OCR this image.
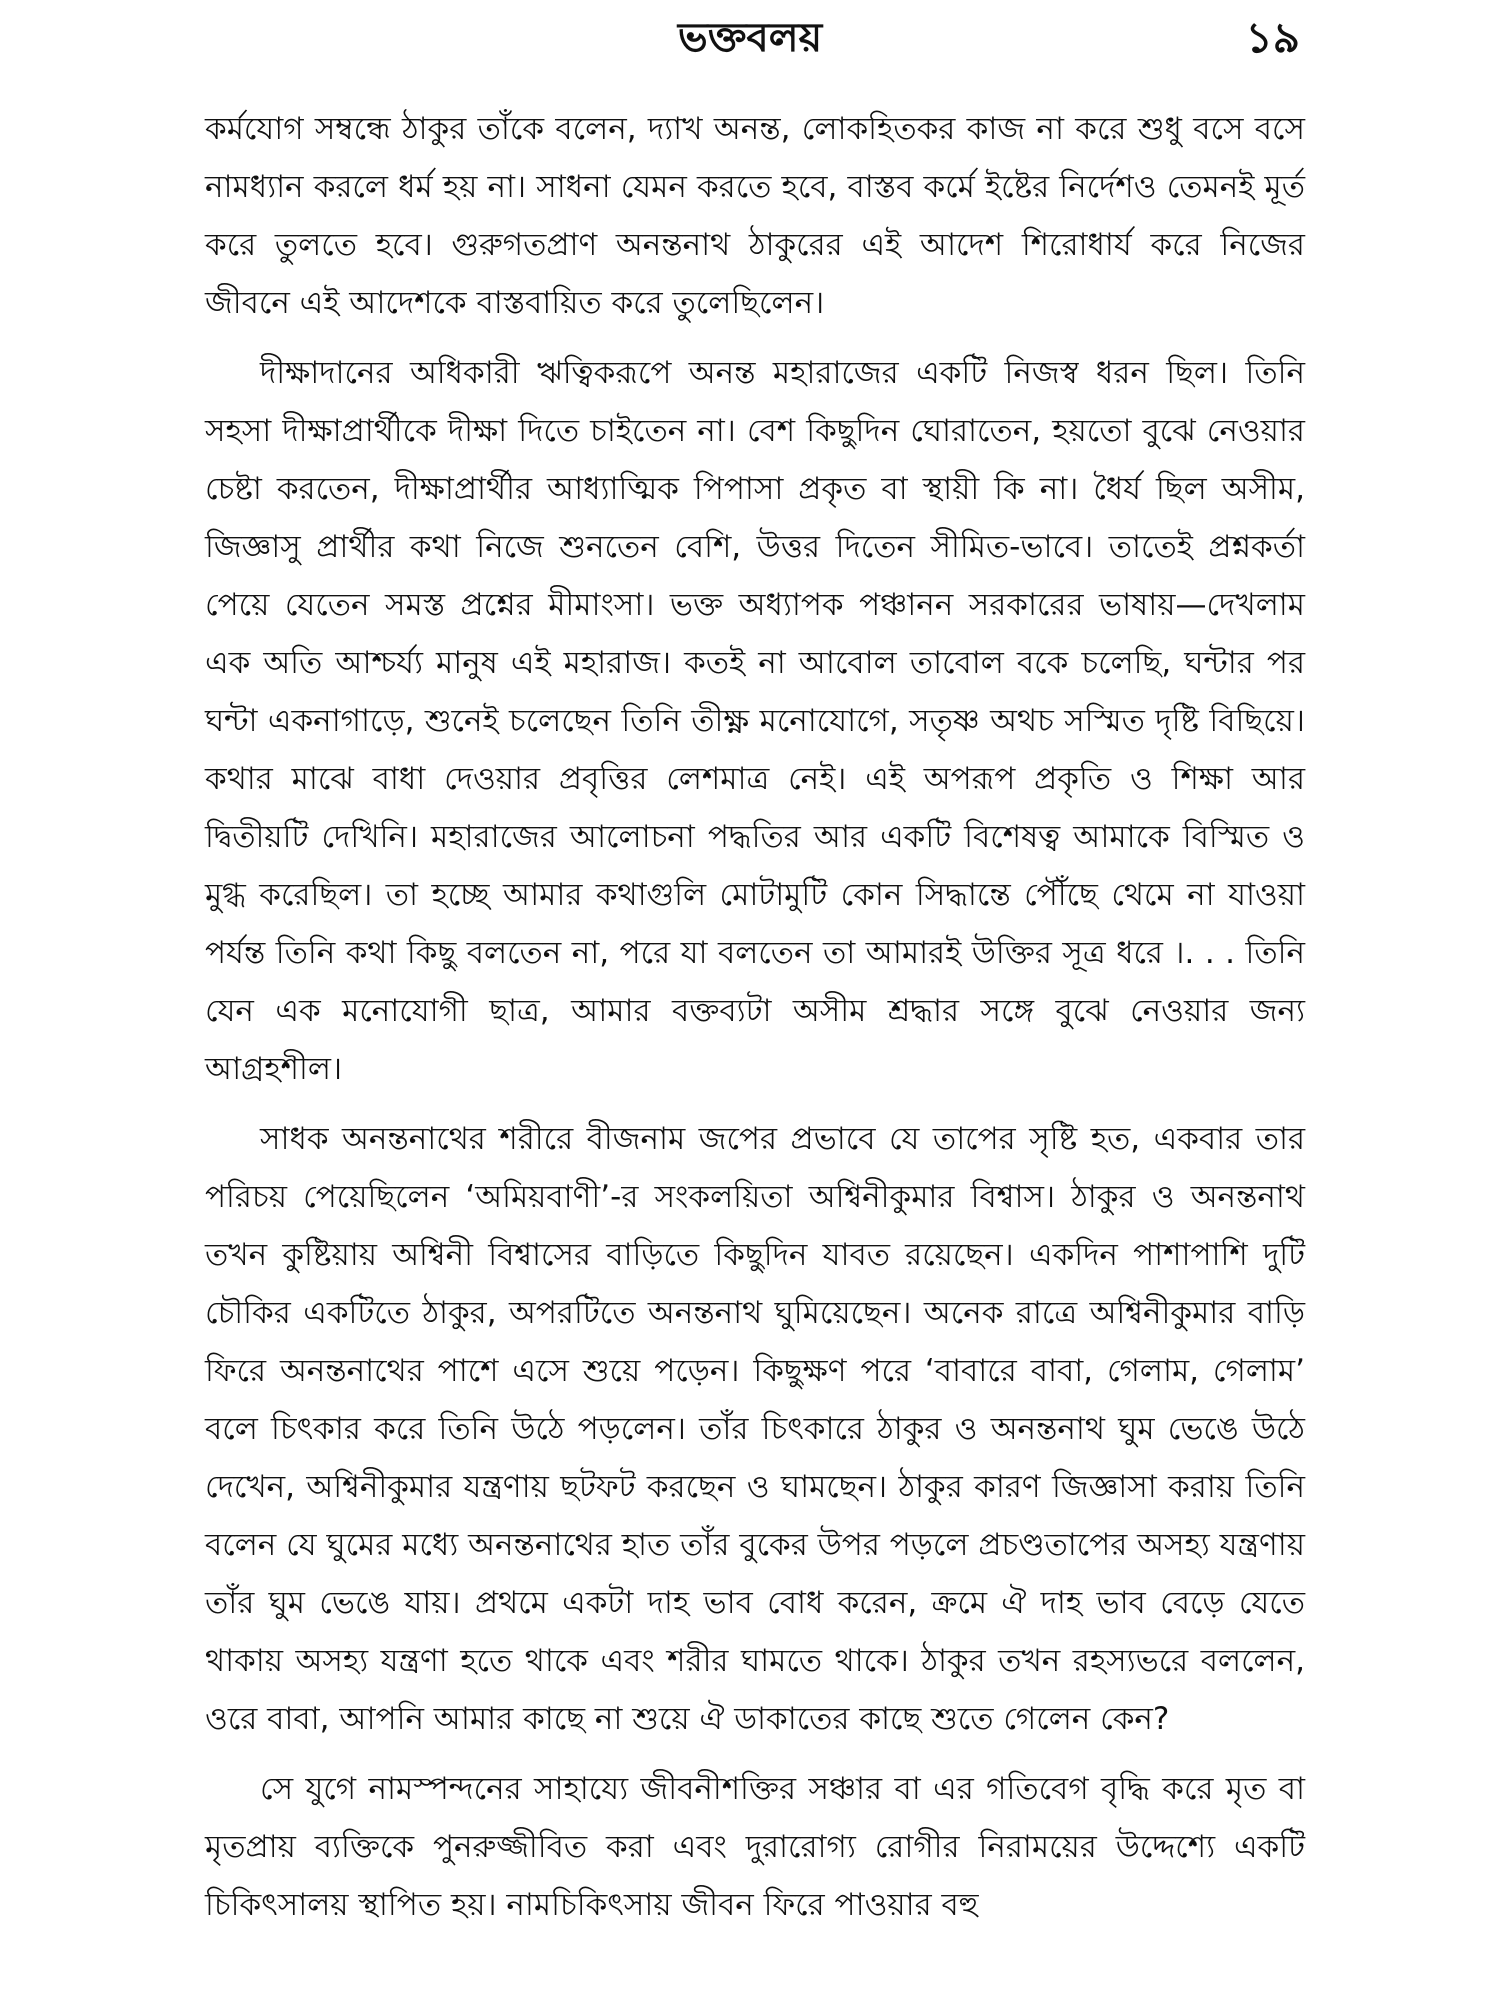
ভক্তবলয়	১৯

কর্মযোগ সম্বন্ধে ঠাকুর তাঁকে বলেন, দ্যাখ অনন্ত, লোকহিতকর কাজ না করে শুধু বসে বসে নামধ্যান করলে ধর্ম হয় না। সাধনা যেমন করতে হবে, বাস্তব কর্মে ইষ্টের নির্দেশও তেমনই মূর্ত করে তুলতে হবে। গুরুগতপ্রাণ অনন্তনাথ ঠাকুরের এই আদেশ শিরোধার্য করে নিজের জীবনে এই আদেশকে বাস্তবায়িত করে তুলেছিলেন।

দীক্ষাদানের অধিকারী ঋত্বিকরূপে অনন্ত মহারাজের একটি নিজস্ব ধরন ছিল। তিনি সহসা দীক্ষাপ্রার্থীকে দীক্ষা দিতে চাইতেন না। বেশ কিছুদিন ঘোরাতেন, হয়তো বুঝে নেওয়ার চেষ্টা করতেন, দীক্ষাপ্রার্থীর আধ্যাত্মিক পিপাসা প্রকৃত বা স্থায়ী কি না। ধৈর্য ছিল অসীম, জিজ্ঞাসু প্রার্থীর কথা নিজে শুনতেন বেশি, উত্তর দিতেন সীমিত-ভাবে। তাতেই প্রশ্নকর্তা পেয়ে যেতেন সমস্ত প্রশ্নের মীমাংসা। ভক্ত অধ্যাপক পঞ্চানন সরকারের ভাষায়—দেখলাম এক অতি আশ্চর্য্য মানুষ এই মহারাজ। কতই না আবোল তাবোল বকে চলেছি, ঘন্টার পর ঘন্টা একনাগাড়ে, শুনেই চলেছেন তিনি তীক্ষ্ণ মনোযোগে, সতৃষ্ণ অথচ সস্মিত দৃষ্টি বিছিয়ে। কথার মাঝে বাধা দেওয়ার প্রবৃত্তির লেশমাত্র নেই। এই অপরূপ প্রকৃতি ও শিক্ষা আর দ্বিতীয়টি দেখিনি। মহারাজের আলোচনা পদ্ধতির আর একটি বিশেষত্ব আমাকে বিস্মিত ও মুগ্ধ করেছিল। তা হচ্ছে আমার কথাগুলি মোটামুটি কোন সিদ্ধান্তে পৌঁছে থেমে না যাওয়া পর্যন্ত তিনি কথা কিছু বলতেন না, পরে যা বলতেন তা আমারই উক্তির সূত্র ধরে ।. . . তিনি যেন এক মনোযোগী ছাত্র, আমার বক্তব্যটা অসীম শ্রদ্ধার সঙ্গে বুঝে নেওয়ার জন্য আগ্রহশীল।

সাধক অনন্তনাথের শরীরে বীজনাম জপের প্রভাবে যে তাপের সৃষ্টি হত, একবার তার পরিচয় পেয়েছিলেন ‘অমিয়বাণী’-র সংকলয়িতা অশ্বিনীকুমার বিশ্বাস। ঠাকুর ও অনন্তনাথ তখন কুষ্টিয়ায় অশ্বিনী বিশ্বাসের বাড়িতে কিছুদিন যাবত রয়েছেন। একদিন পাশাপাশি দুটি চৌকির একটিতে ঠাকুর, অপরটিতে অনন্তনাথ ঘুমিয়েছেন। অনেক রাত্রে অশ্বিনীকুমার বাড়ি ফিরে অনন্তনাথের পাশে এসে শুয়ে পড়েন। কিছুক্ষণ পরে ‘বাবারে বাবা, গেলাম, গেলাম’ বলে চিৎকার করে তিনি উঠে পড়লেন। তাঁর চিৎকারে ঠাকুর ও অনন্তনাথ ঘুম ভেঙে উঠে দেখেন, অশ্বিনীকুমার যন্ত্রণায় ছটফট করছেন ও ঘামছেন। ঠাকুর কারণ জিজ্ঞাসা করায় তিনি বলেন যে ঘুমের মধ্যে অনন্তনাথের হাত তাঁর বুকের উপর পড়লে প্রচণ্ডতাপের অসহ্য যন্ত্রণায় তাঁর ঘুম ভেঙে যায়। প্রথমে একটা দাহ ভাব বোধ করেন, ক্রমে ঐ দাহ ভাব বেড়ে যেতে থাকায় অসহ্য যন্ত্রণা হতে থাকে এবং শরীর ঘামতে থাকে। ঠাকুর তখন রহস্যভরে বললেন, ওরে বাবা, আপনি আমার কাছে না শুয়ে ঐ ডাকাতের কাছে শুতে গেলেন কেন?

সে যুগে নামস্পন্দনের সাহায্যে জীবনীশক্তির সঞ্চার বা এর গতিবেগ বৃদ্ধি করে মৃত বা মৃতপ্রায় ব্যক্তিকে পুনরুজ্জীবিত করা এবং দুরারোগ্য রোগীর নিরাময়ের উদ্দেশ্যে একটি চিকিৎসালয় স্থাপিত হয়। নামচিকিৎসায় জীবন ফিরে পাওয়ার বহু
